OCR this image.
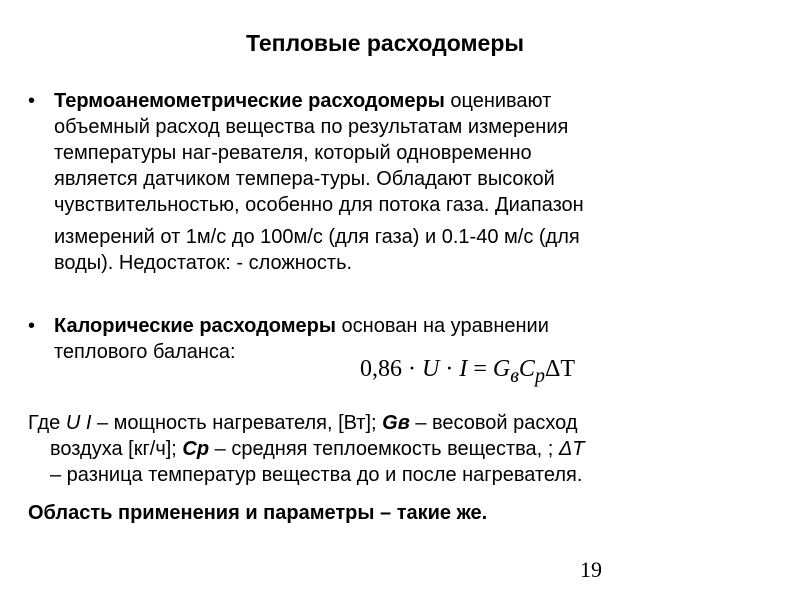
Тепловые расходомеры
• Термоанемометрические расходомеры оценивают
объемный расход вещества по результатам измерения
температуры наг-ревателя, который одновременно
является датчиком темпера-туры. Обладают высокой
чувствительностью, особенно для потока газа. Диапазон
измерений от 1м/с до 100м/с (для газа) и 0.1-40 м/с (для
воды). Недостаток: - сложность.
• Калорические расходомеры основан на уравнении
теплового баланса:
$0,86 \cdot U \cdot I = G_вC_p\Delta T$
Где U I – мощность нагревателя, [Вт]; Gв – весовой расход
воздуха [кг/ч]; Cp – средняя теплоемкость вещества, ; ΔT
– разница температур вещества до и после нагревателя.
Область применения и параметры – такие же.
19
